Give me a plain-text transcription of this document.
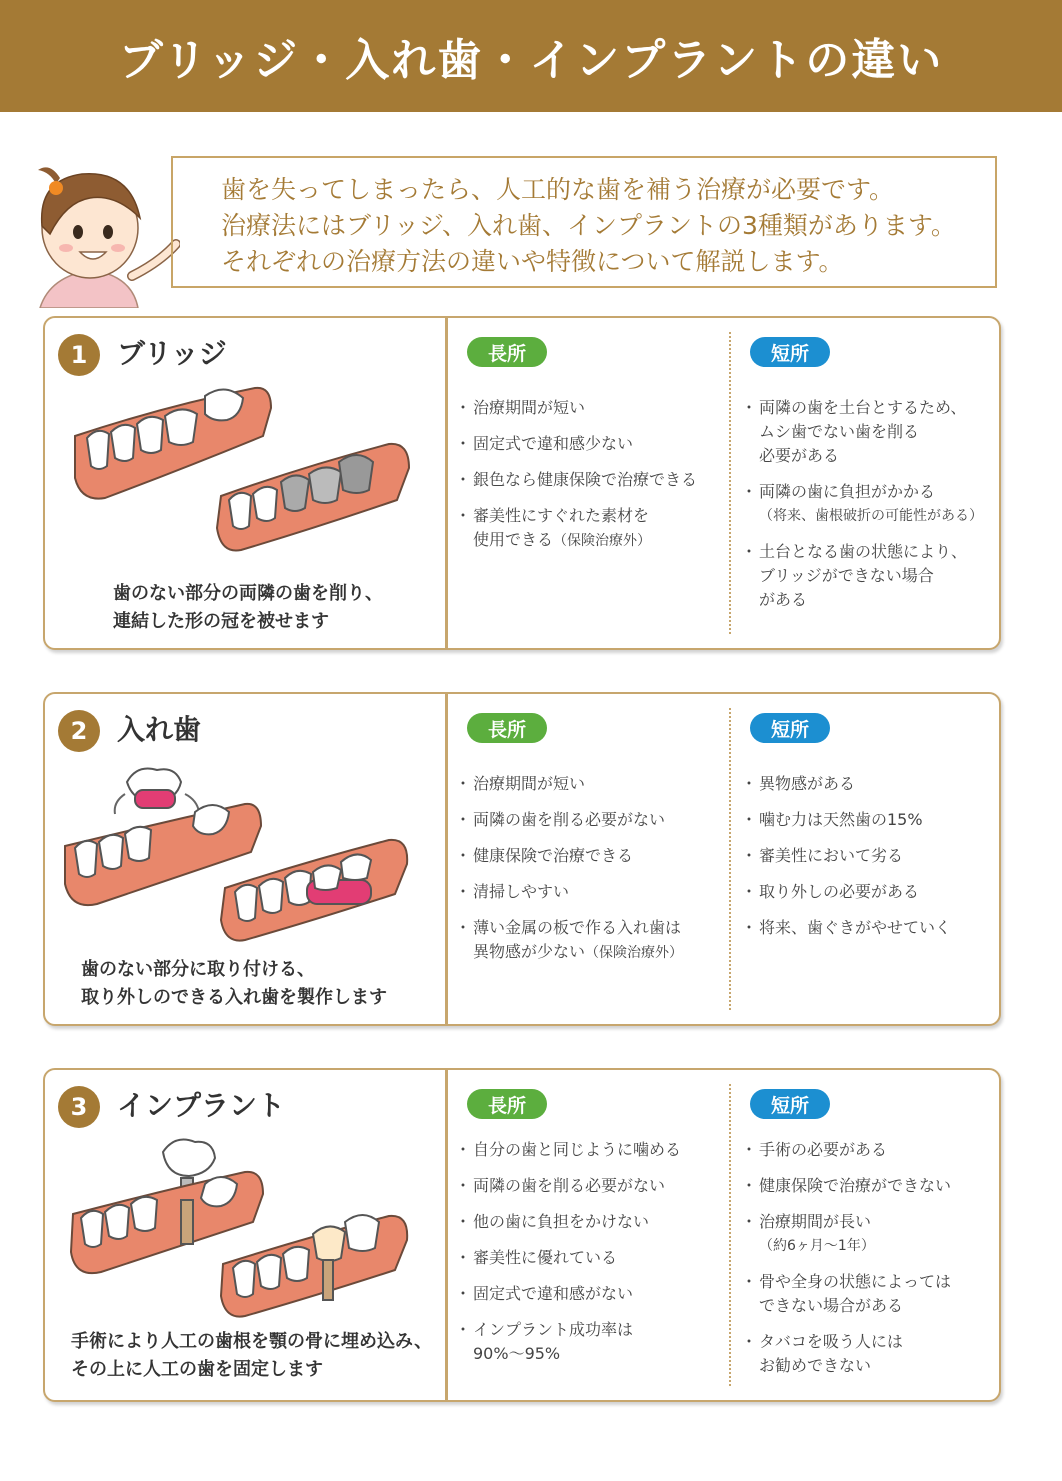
ブリッジ・入れ歯・インプラントの違い
歯を失ってしまったら、人工的な歯を補う治療が必要です。
治療法にはブリッジ、入れ歯、インプラントの3種類があります。
それぞれの治療方法の違いや特徴について解説します。
1	ブリッジ
歯のない部分の両隣の歯を削り、
連結した形の冠を被せます
長所
・ 治療期間が短い
・ 固定式で違和感少ない
・ 銀色なら健康保険で治療できる
・ 審美性にすぐれた素材を
使用できる（保険治療外）
短所
・ 両隣の歯を土台とするため、
ムシ歯でない歯を削る
必要がある
・ 両隣の歯に負担がかかる
（将来、歯根破折の可能性がある）
・ 土台となる歯の状態により、
ブリッジができない場合
がある
2	入れ歯
歯のない部分に取り付ける、
取り外しのできる入れ歯を製作します
長所
・ 治療期間が短い
・ 両隣の歯を削る必要がない
・ 健康保険で治療できる
・ 清掃しやすい
・ 薄い金属の板で作る入れ歯は
異物感が少ない（保険治療外）
短所
・ 異物感がある
・ 噛む力は天然歯の15%
・ 審美性において劣る
・ 取り外しの必要がある
・ 将来、歯ぐきがやせていく
3	インプラント
手術により人工の歯根を顎の骨に埋め込み、
その上に人工の歯を固定します
長所
・ 自分の歯と同じように噛める
・ 両隣の歯を削る必要がない
・ 他の歯に負担をかけない
・ 審美性に優れている
・ 固定式で違和感がない
・ インプラント成功率は
90%〜95%
短所
・ 手術の必要がある
・ 健康保険で治療ができない
・ 治療期間が長い
（約6ヶ月〜1年）
・ 骨や全身の状態によっては
できない場合がある
・ タバコを吸う人には
お勧めできない
